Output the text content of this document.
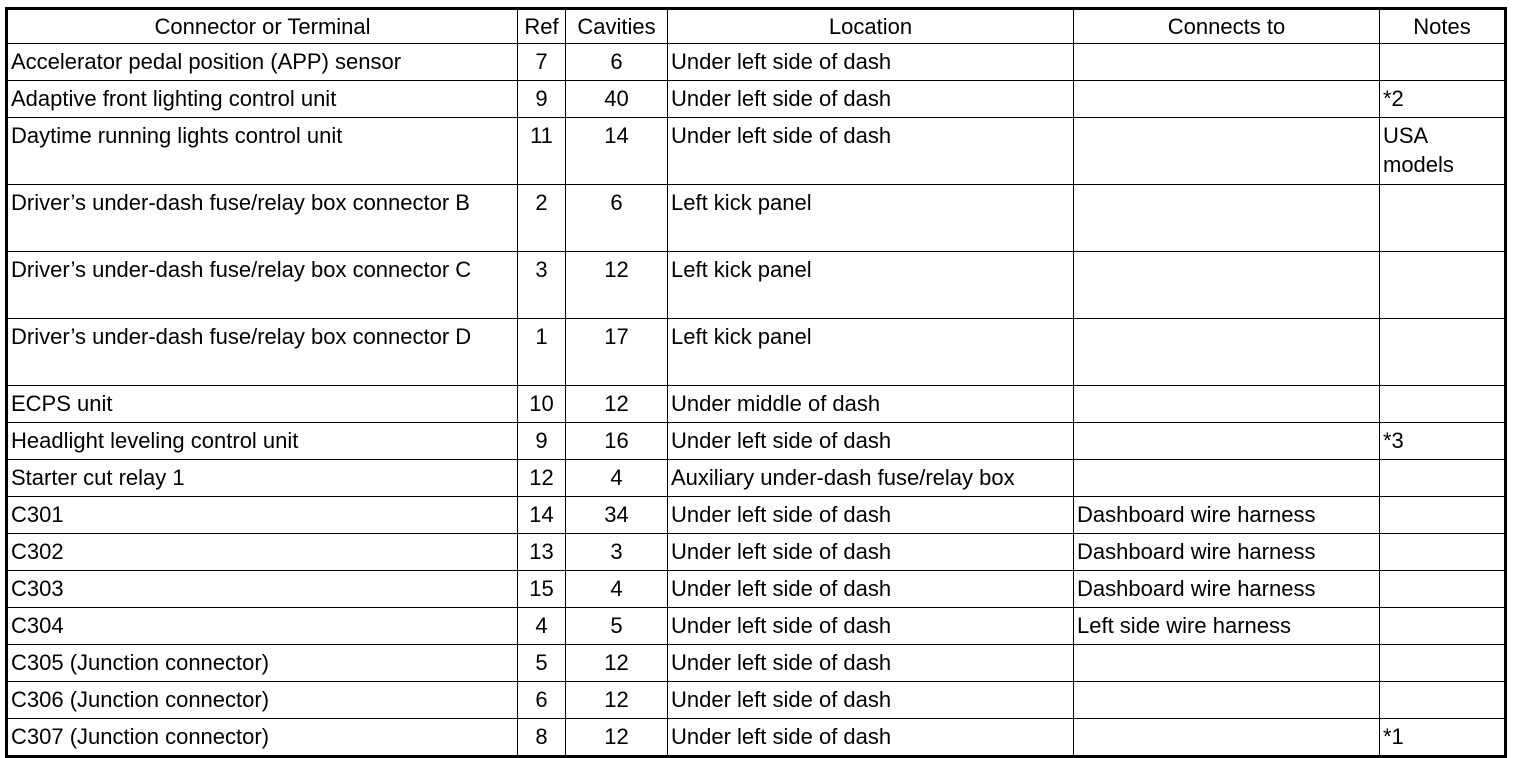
Connector or Terminal	Ref	Cavities	Location	Connects to	Notes
Accelerator pedal position (APP) sensor	7	6	Under left side of dash		
Adaptive front lighting control unit	9	40	Under left side of dash		*2
Daytime running lights control unit	11	14	Under left side of dash		USA models
Driver’s under-dash fuse/relay box connector B	2	6	Left kick panel		
Driver’s under-dash fuse/relay box connector C	3	12	Left kick panel		
Driver’s under-dash fuse/relay box connector D	1	17	Left kick panel		
ECPS unit	10	12	Under middle of dash		
Headlight leveling control unit	9	16	Under left side of dash		*3
Starter cut relay 1	12	4	Auxiliary under-dash fuse/relay box		
C301	14	34	Under left side of dash	Dashboard wire harness	
C302	13	3	Under left side of dash	Dashboard wire harness	
C303	15	4	Under left side of dash	Dashboard wire harness	
C304	4	5	Under left side of dash	Left side wire harness	
C305 (Junction connector)	5	12	Under left side of dash		
C306 (Junction connector)	6	12	Under left side of dash		
C307 (Junction connector)	8	12	Under left side of dash		*1
